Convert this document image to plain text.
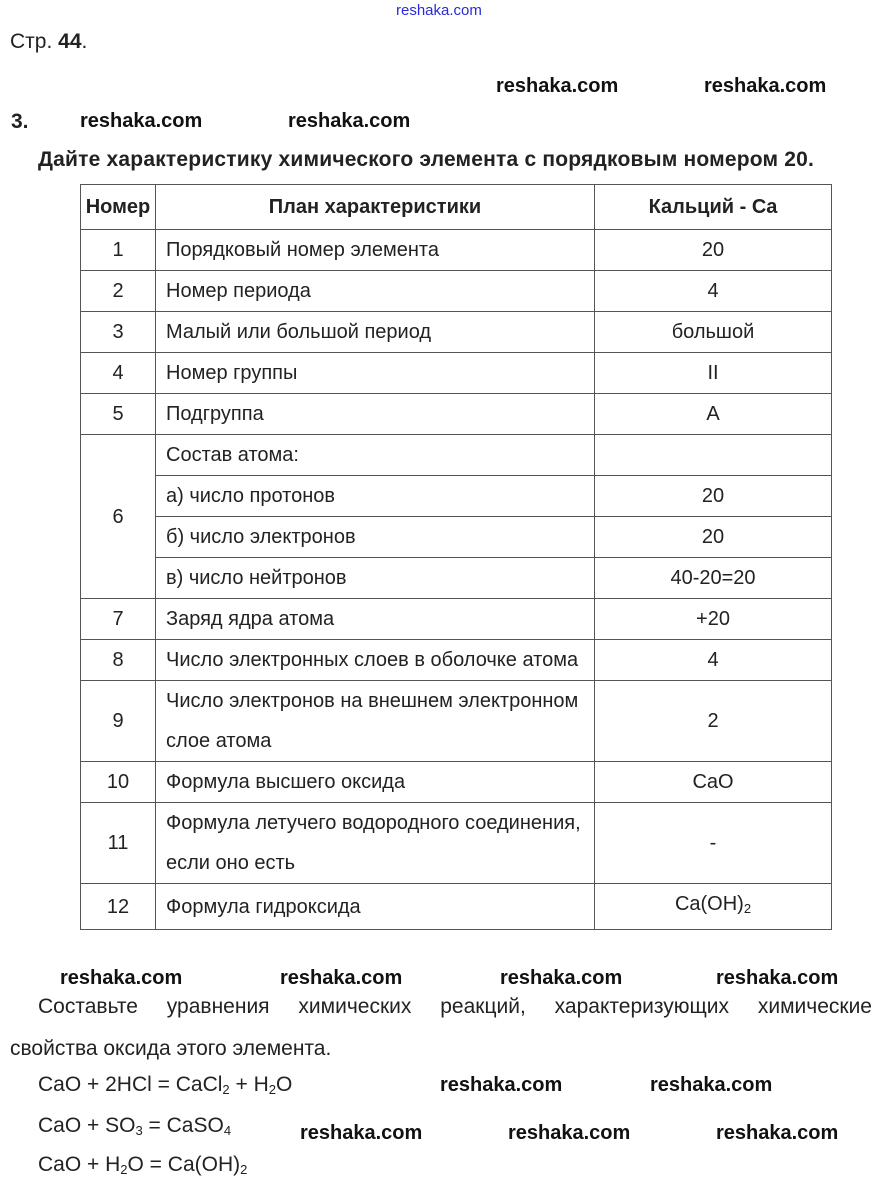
reshaka.com
Стр. 44.
3.
Дайте характеристику химического элемента с порядковым номером 20.
Номер	План характеристики	Кальций - Ca
1	Порядковый номер элемента	20
2	Номер периода	4
3	Малый или большой период	большой
4	Номер группы	II
5	Подгруппа	A
6	Состав атома:	
	а) число протонов	20
	б) число электронов	20
	в) число нейтронов	40-20=20
7	Заряд ядра атома	+20
8	Число электронных слоев в оболочке атома	4
9	Число электронов на внешнем электронном слое атома	2
10	Формула высшего оксида	CaO
11	Формула летучего водородного соединения, если оно есть	-
12	Формула гидроксида	$Ca(OH)_2$
Составьте уравнения химических реакций, характеризующих химические
свойства оксида этого элемента.
CaO + 2HCl = CaCl$_2$ + $H_2O$
CaO + $SO_3$ = CaSO$_4$
CaO + $H_2O = Ca(OH)_2$
reshaka.com	reshaka.com
reshaka.com	reshaka.com
reshaka.com	reshaka.com	reshaka.com	reshaka.com
reshaka.com	reshaka.com
reshaka.com	reshaka.com	reshaka.com
